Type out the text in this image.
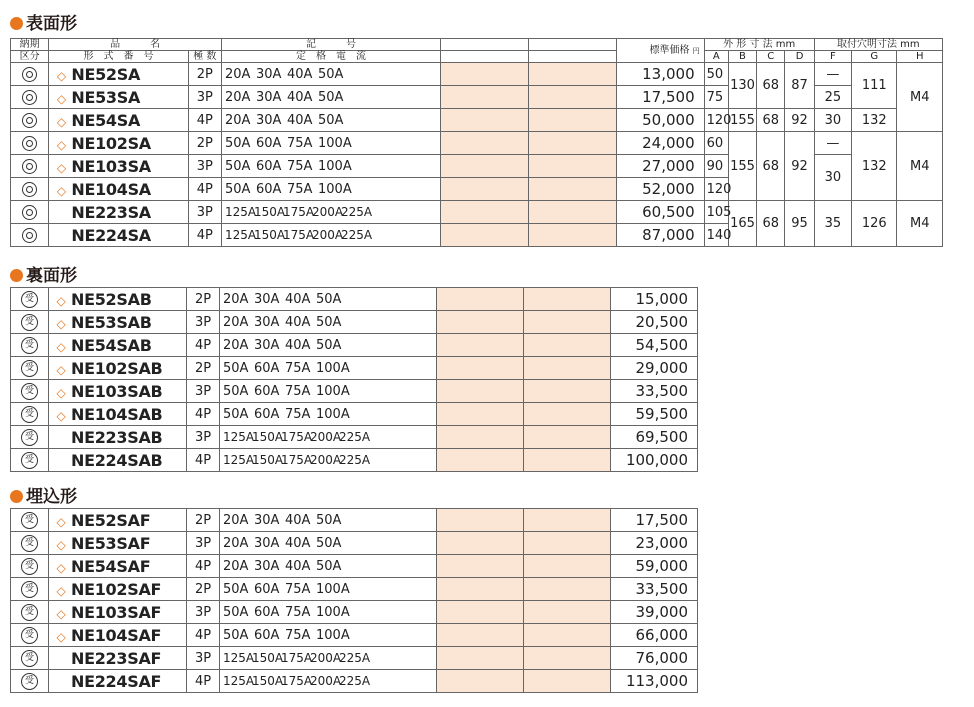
表面形
納期	品　　　名		記　　　号			標準価格 円	外 形 寸 法 mm				取付穴明寸法 mm		
区分	形　式　番　号	極 数	定　格　電　流				A	B	C	D	F	G	H
	◇ NE52SA	2P	20A 30A 40A 50A			13,000	50	130	68	87	—	111	M4
	◇ NE53SA	3P	20A 30A 40A 50A			17,500	75				25		
	◇ NE54SA	4P	20A 30A 40A 50A			50,000	120	155	68	92	30	132	
	◇ NE102SA	2P	50A 60A 75A 100A			24,000	60	155	68	92	—	132	M4
	◇ NE103SA	3P	50A 60A 75A 100A			27,000	90				30		
	◇ NE104SA	4P	50A 60A 75A 100A			52,000	120						
	NE223SA	3P	125A150A175A200A225A			60,500	105	165	68	95	35	126	M4
	NE224SA	4P	125A150A175A200A225A			87,000	140						
裏面形
受	◇ NE52SAB	2P	20A 30A 40A 50A			15,000
受	◇ NE53SAB	3P	20A 30A 40A 50A			20,500
受	◇ NE54SAB	4P	20A 30A 40A 50A			54,500
受	◇ NE102SAB	2P	50A 60A 75A 100A			29,000
受	◇ NE103SAB	3P	50A 60A 75A 100A			33,500
受	◇ NE104SAB	4P	50A 60A 75A 100A			59,500
受	NE223SAB	3P	125A150A175A200A225A			69,500
受	NE224SAB	4P	125A150A175A200A225A			100,000
埋込形
受	◇ NE52SAF	2P	20A 30A 40A 50A			17,500
受	◇ NE53SAF	3P	20A 30A 40A 50A			23,000
受	◇ NE54SAF	4P	20A 30A 40A 50A			59,000
受	◇ NE102SAF	2P	50A 60A 75A 100A			33,500
受	◇ NE103SAF	3P	50A 60A 75A 100A			39,000
受	◇ NE104SAF	4P	50A 60A 75A 100A			66,000
受	NE223SAF	3P	125A150A175A200A225A			76,000
受	NE224SAF	4P	125A150A175A200A225A			113,000
